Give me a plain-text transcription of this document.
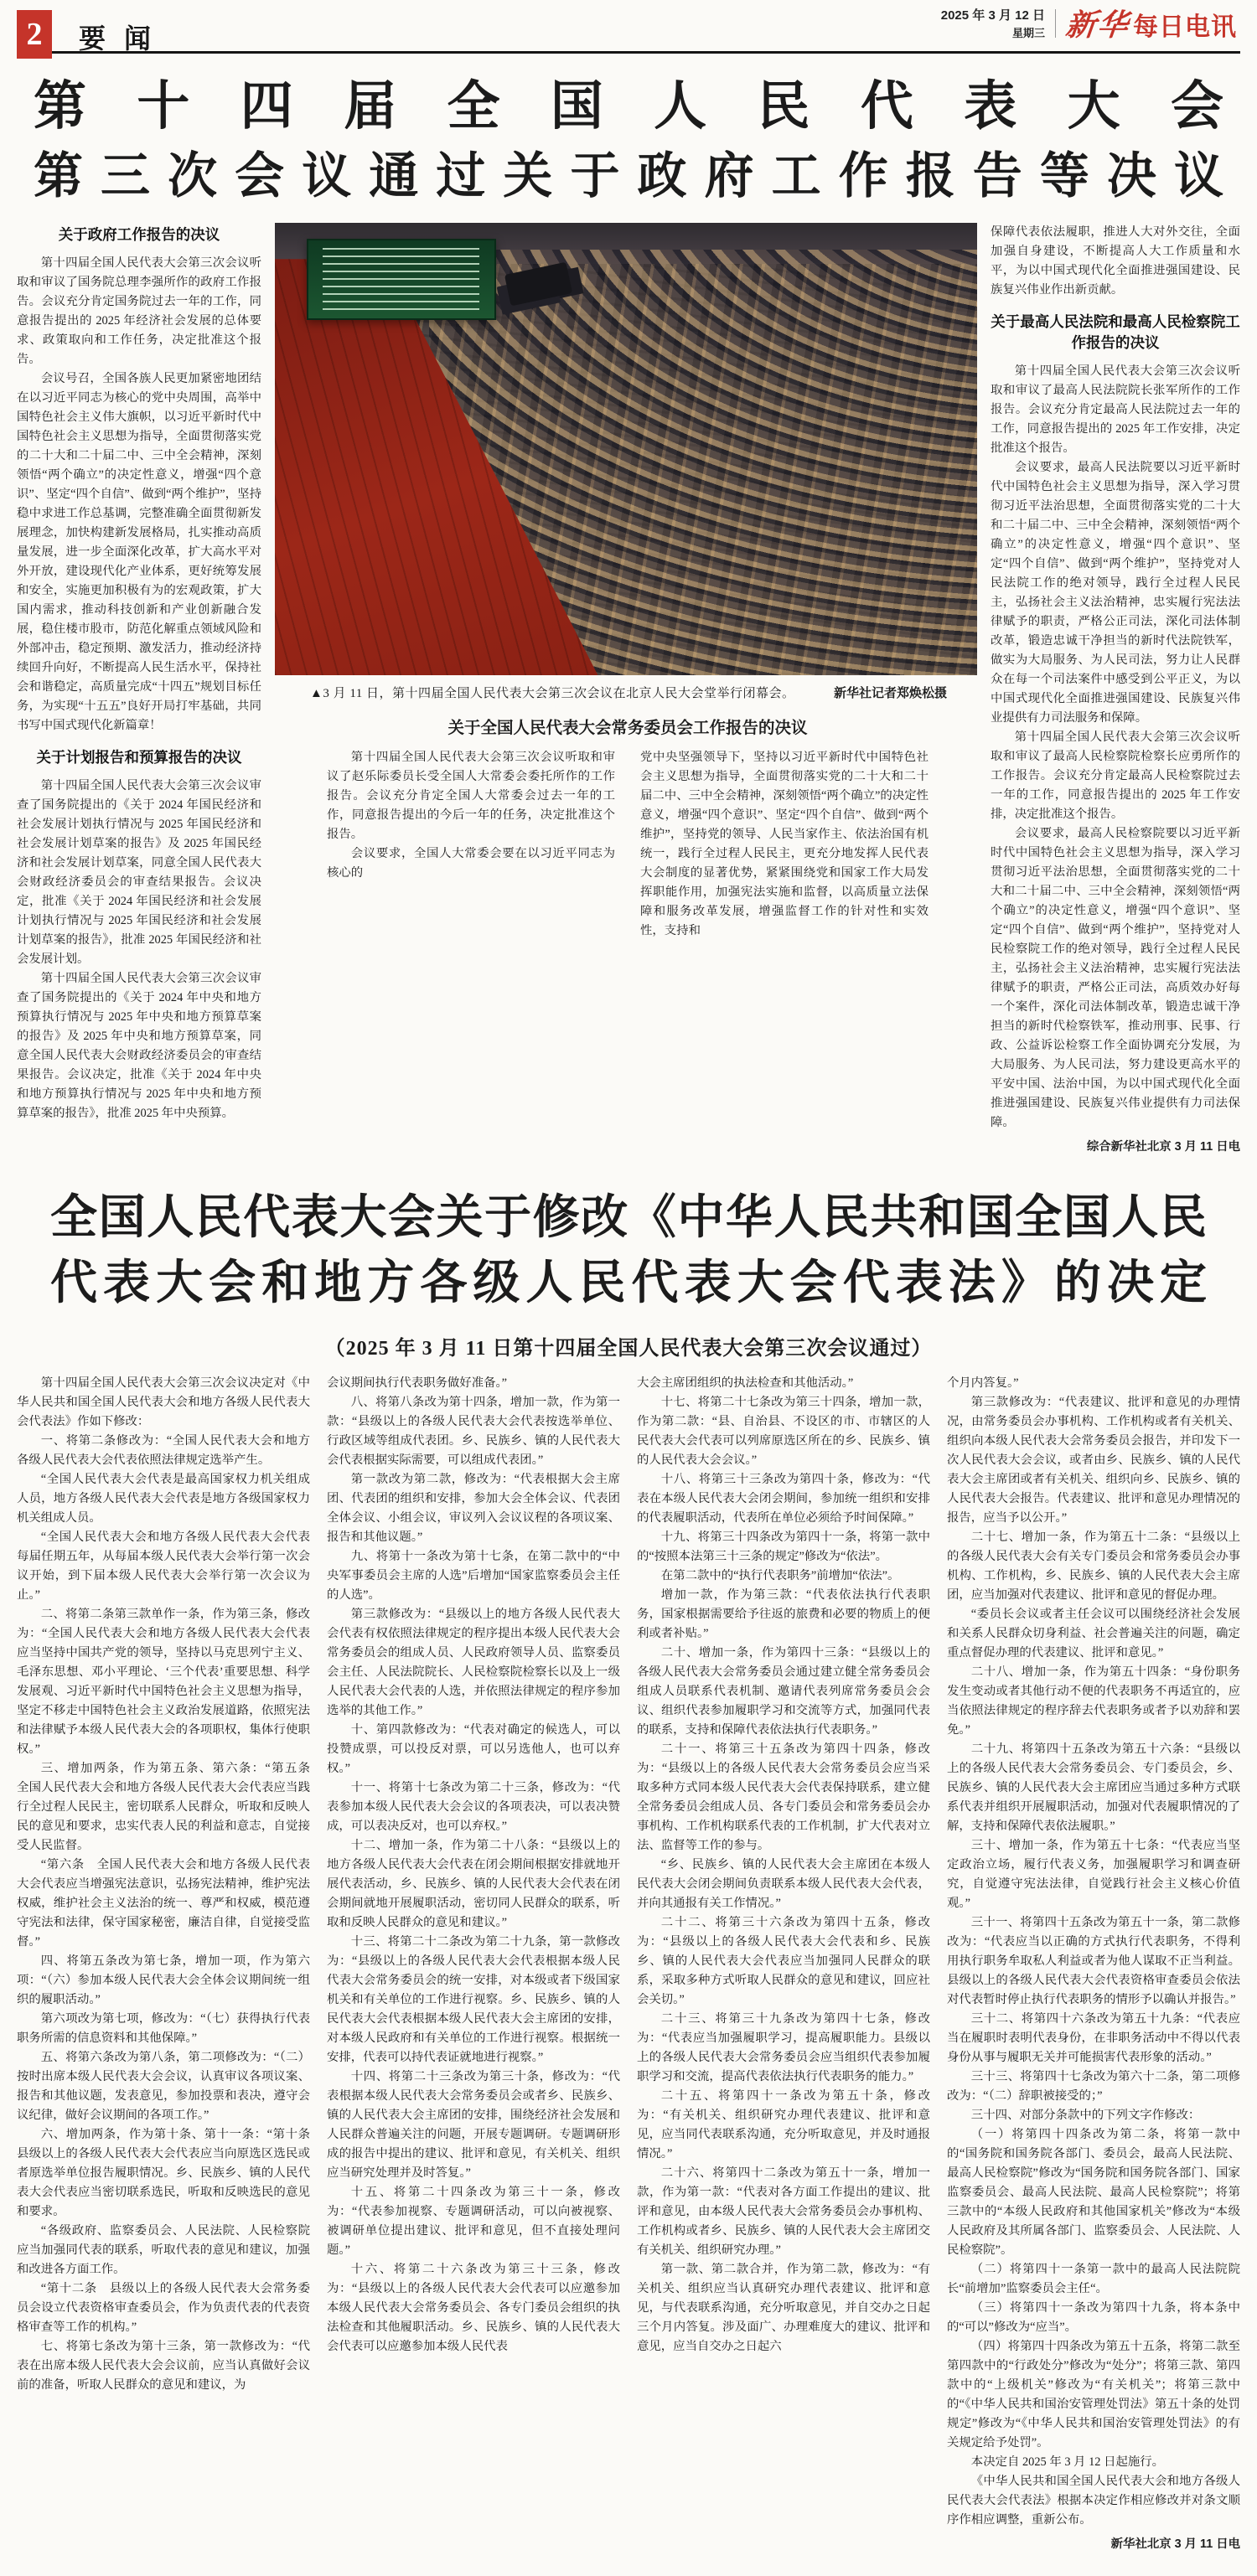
2	要闻
2025 年 3 月 12 日
星期三 新华 每日电讯
第十四届全国人民代表大会
第三次会议通过关于政府工作报告等决议
关于政府工作报告的决议

第十四届全国人民代表大会第三次会议听取和审议了国务院总理李强所作的政府工作报告。会议充分肯定国务院过去一年的工作，同意报告提出的 2025 年经济社会发展的总体要求、政策取向和工作任务，决定批准这个报告。

会议号召，全国各族人民更加紧密地团结在以习近平同志为核心的党中央周围，高举中国特色社会主义伟大旗帜，以习近平新时代中国特色社会主义思想为指导，全面贯彻落实党的二十大和二十届二中、三中全会精神，深刻领悟“两个确立”的决定性意义，增强“四个意识”、坚定“四个自信”、做到“两个维护”，坚持稳中求进工作总基调，完整准确全面贯彻新发展理念，加快构建新发展格局，扎实推动高质量发展，进一步全面深化改革，扩大高水平对外开放，建设现代化产业体系，更好统筹发展和安全，实施更加积极有为的宏观政策，扩大国内需求，推动科技创新和产业创新融合发展，稳住楼市股市，防范化解重点领域风险和外部冲击，稳定预期、激发活力，推动经济持续回升向好，不断提高人民生活水平，保持社会和谐稳定，高质量完成“十四五”规划目标任务，为实现“十五五”良好开局打牢基础，共同书写中国式现代化新篇章！

关于计划报告和预算报告的决议

第十四届全国人民代表大会第三次会议审查了国务院提出的《关于 2024 年国民经济和社会发展计划执行情况与 2025 年国民经济和社会发展计划草案的报告》及 2025 年国民经济和社会发展计划草案，同意全国人民代表大会财政经济委员会的审查结果报告。会议决定，批准《关于 2024 年国民经济和社会发展计划执行情况与 2025 年国民经济和社会发展计划草案的报告》，批准 2025 年国民经济和社会发展计划。

第十四届全国人民代表大会第三次会议审查了国务院提出的《关于 2024 年中央和地方预算执行情况与 2025 年中央和地方预算草案的报告》及 2025 年中央和地方预算草案，同意全国人民代表大会财政经济委员会的审查结果报告。会议决定，批准《关于 2024 年中央和地方预算执行情况与 2025 年中央和地方预算草案的报告》，批准 2025 年中央预算。

▲3 月 11 日，第十四届全国人民代表大会第三次会议在北京人民大会堂举行闭幕会。	新华社记者郑焕松摄
关于全国人民代表大会常务委员会工作报告的决议

第十四届全国人民代表大会第三次会议听取和审议了赵乐际委员长受全国人大常委会委托所作的工作报告。会议充分肯定全国人大常委会过去一年的工作，同意报告提出的今后一年的任务，决定批准这个报告。

会议要求，全国人大常委会要在以习近平同志为核心的

党中央坚强领导下，坚持以习近平新时代中国特色社会主义思想为指导，全面贯彻落实党的二十大和二十届二中、三中全会精神，深刻领悟“两个确立”的决定性意义，增强“四个意识”、坚定“四个自信”、做到“两个维护”，坚持党的领导、人民当家作主、依法治国有机统一，践行全过程人民民主，更充分地发挥人民代表大会制度的显著优势，紧紧围绕党和国家工作大局发挥职能作用，加强宪法实施和监督，以高质量立法保障和服务改革发展，增强监督工作的针对性和实效性，支持和

保障代表依法履职，推进人大对外交往，全面加强自身建设，不断提高人大工作质量和水平，为以中国式现代化全面推进强国建设、民族复兴伟业作出新贡献。

关于最高人民法院和最高人民检察院工作报告的决议

第十四届全国人民代表大会第三次会议听取和审议了最高人民法院院长张军所作的工作报告。会议充分肯定最高人民法院过去一年的工作，同意报告提出的 2025 年工作安排，决定批准这个报告。

会议要求，最高人民法院要以习近平新时代中国特色社会主义思想为指导，深入学习贯彻习近平法治思想，全面贯彻落实党的二十大和二十届二中、三中全会精神，深刻领悟“两个确立”的决定性意义，增强“四个意识”、坚定“四个自信”、做到“两个维护”，坚持党对人民法院工作的绝对领导，践行全过程人民民主，弘扬社会主义法治精神，忠实履行宪法法律赋予的职责，严格公正司法，深化司法体制改革，锻造忠诚干净担当的新时代法院铁军，做实为大局服务、为人民司法，努力让人民群众在每一个司法案件中感受到公平正义，为以中国式现代化全面推进强国建设、民族复兴伟业提供有力司法服务和保障。

第十四届全国人民代表大会第三次会议听取和审议了最高人民检察院检察长应勇所作的工作报告。会议充分肯定最高人民检察院过去一年的工作，同意报告提出的 2025 年工作安排，决定批准这个报告。

会议要求，最高人民检察院要以习近平新时代中国特色社会主义思想为指导，深入学习贯彻习近平法治思想，全面贯彻落实党的二十大和二十届二中、三中全会精神，深刻领悟“两个确立”的决定性意义，增强“四个意识”、坚定“四个自信”、做到“两个维护”，坚持党对人民检察院工作的绝对领导，践行全过程人民民主，弘扬社会主义法治精神，忠实履行宪法法律赋予的职责，严格公正司法，高质效办好每一个案件，深化司法体制改革，锻造忠诚干净担当的新时代检察铁军，推动刑事、民事、行政、公益诉讼检察工作全面协调充分发展，为大局服务、为人民司法，努力建设更高水平的平安中国、法治中国，为以中国式现代化全面推进强国建设、民族复兴伟业提供有力司法保障。

综合新华社北京 3 月 11 日电

全国人民代表大会关于修改《中华人民共和国全国人民
代表大会和地方各级人民代表大会代表法》的决定
（2025 年 3 月 11 日第十四届全国人民代表大会第三次会议通过）

第十四届全国人民代表大会第三次会议决定对《中华人民共和国全国人民代表大会和地方各级人民代表大会代表法》作如下修改：

一、将第二条修改为：“全国人民代表大会和地方各级人民代表大会代表依照法律规定选举产生。

“全国人民代表大会代表是最高国家权力机关组成人员，地方各级人民代表大会代表是地方各级国家权力机关组成人员。

“全国人民代表大会和地方各级人民代表大会代表每届任期五年，从每届本级人民代表大会举行第一次会议开始，到下届本级人民代表大会举行第一次会议为止。”

二、将第二条第三款单作一条，作为第三条，修改为：“全国人民代表大会和地方各级人民代表大会代表应当坚持中国共产党的领导，坚持以马克思列宁主义、毛泽东思想、邓小平理论、‘三个代表’重要思想、科学发展观、习近平新时代中国特色社会主义思想为指导，坚定不移走中国特色社会主义政治发展道路，依照宪法和法律赋予本级人民代表大会的各项职权，集体行使职权。”

三、增加两条，作为第五条、第六条：“第五条　全国人民代表大会和地方各级人民代表大会代表应当践行全过程人民民主，密切联系人民群众，听取和反映人民的意见和要求，忠实代表人民的利益和意志，自觉接受人民监督。

“第六条　全国人民代表大会和地方各级人民代表大会代表应当增强宪法意识，弘扬宪法精神，维护宪法权威，维护社会主义法治的统一、尊严和权威，模范遵守宪法和法律，保守国家秘密，廉洁自律，自觉接受监督。”

四、将第五条改为第七条，增加一项，作为第六项：“（六）参加本级人民代表大会全体会议期间统一组织的履职活动。”

第六项改为第七项，修改为：“（七）获得执行代表职务所需的信息资料和其他保障。”

五、将第六条改为第八条，第二项修改为：“（二）按时出席本级人民代表大会会议，认真审议各项议案、报告和其他议题，发表意见，参加投票和表决，遵守会议纪律，做好会议期间的各项工作。”

六、增加两条，作为第十条、第十一条：“第十条　县级以上的各级人民代表大会代表应当向原选区选民或者原选举单位报告履职情况。乡、民族乡、镇的人民代表大会代表应当密切联系选民，听取和反映选民的意见和要求。

“各级政府、监察委员会、人民法院、人民检察院应当加强同代表的联系，听取代表的意见和建议，加强和改进各方面工作。

“第十二条　县级以上的各级人民代表大会常务委员会设立代表资格审查委员会，作为负责代表的代表资格审查等工作的机构。”

七、将第七条改为第十三条，第一款修改为：“代表在出席本级人民代表大会会议前，应当认真做好会议前的准备，听取人民群众的意见和建议，为

会议期间执行代表职务做好准备。”

八、将第八条改为第十四条，增加一款，作为第一款：“县级以上的各级人民代表大会代表按选举单位、行政区域等组成代表团。乡、民族乡、镇的人民代表大会代表根据实际需要，可以组成代表团。”

第一款改为第二款，修改为：“代表根据大会主席团、代表团的组织和安排，参加大会全体会议、代表团全体会议、小组会议，审议列入会议议程的各项议案、报告和其他议题。”

九、将第十一条改为第十七条，在第二款中的“中央军事委员会主席的人选”后增加“国家监察委员会主任的人选”。

第三款修改为：“县级以上的地方各级人民代表大会代表有权依照法律规定的程序提出本级人民代表大会常务委员会的组成人员、人民政府领导人员、监察委员会主任、人民法院院长、人民检察院检察长以及上一级人民代表大会代表的人选，并依照法律规定的程序参加选举的其他工作。”

十、第四款修改为：“代表对确定的候选人，可以投赞成票，可以投反对票，可以另选他人，也可以弃权。”

十一、将第十七条改为第二十三条，修改为：“代表参加本级人民代表大会会议的各项表决，可以表决赞成，可以表决反对，也可以弃权。”

十二、增加一条，作为第二十八条：“县级以上的地方各级人民代表大会代表在闭会期间根据安排就地开展代表活动，乡、民族乡、镇的人民代表大会代表在闭会期间就地开展履职活动，密切同人民群众的联系，听取和反映人民群众的意见和建议。”

十三、将第二十二条改为第二十九条，第一款修改为：“县级以上的各级人民代表大会代表根据本级人民代表大会常务委员会的统一安排，对本级或者下级国家机关和有关单位的工作进行视察。乡、民族乡、镇的人民代表大会代表根据本级人民代表大会主席团的安排，对本级人民政府和有关单位的工作进行视察。根据统一安排，代表可以持代表证就地进行视察。”

十四、将第二十三条改为第三十条，修改为：“代表根据本级人民代表大会常务委员会或者乡、民族乡、镇的人民代表大会主席团的安排，围绕经济社会发展和人民群众普遍关注的问题，开展专题调研。专题调研形成的报告中提出的建议、批评和意见，有关机关、组织应当研究处理并及时答复。”

十五、将第二十四条改为第三十一条，修改为：“代表参加视察、专题调研活动，可以向被视察、被调研单位提出建议、批评和意见，但不直接处理问题。”

十六、将第二十六条改为第三十三条，修改为：“县级以上的各级人民代表大会代表可以应邀参加本级人民代表大会常务委员会、各专门委员会组织的执法检查和其他履职活动。乡、民族乡、镇的人民代表大会代表可以应邀参加本级人民代表

大会主席团组织的执法检查和其他活动。”

十七、将第二十七条改为第三十四条，增加一款，作为第二款：“县、自治县、不设区的市、市辖区的人民代表大会代表可以列席原选区所在的乡、民族乡、镇的人民代表大会会议。”

十八、将第三十三条改为第四十条，修改为：“代表在本级人民代表大会闭会期间，参加统一组织和安排的代表履职活动，代表所在单位必须给予时间保障。”

十九、将第三十四条改为第四十一条，将第一款中的“按照本法第三十三条的规定”修改为“依法”。

在第二款中的“执行代表职务”前增加“依法”。

增加一款，作为第三款：“代表依法执行代表职务，国家根据需要给予往返的旅费和必要的物质上的便利或者补贴。”

二十、增加一条，作为第四十三条：“县级以上的各级人民代表大会常务委员会通过建立健全常务委员会组成人员联系代表机制、邀请代表列席常务委员会会议、组织代表参加履职学习和交流等方式，加强同代表的联系，支持和保障代表依法执行代表职务。”

二十一、将第三十五条改为第四十四条，修改为：“县级以上的各级人民代表大会常务委员会应当采取多种方式同本级人民代表大会代表保持联系，建立健全常务委员会组成人员、各专门委员会和常务委员会办事机构、工作机构联系代表的工作机制，扩大代表对立法、监督等工作的参与。

“乡、民族乡、镇的人民代表大会主席团在本级人民代表大会闭会期间负责联系本级人民代表大会代表，并向其通报有关工作情况。”

二十二、将第三十六条改为第四十五条，修改为：“县级以上的各级人民代表大会代表和乡、民族乡、镇的人民代表大会代表应当加强同人民群众的联系，采取多种方式听取人民群众的意见和建议，回应社会关切。”

二十三、将第三十九条改为第四十七条，修改为：“代表应当加强履职学习，提高履职能力。县级以上的各级人民代表大会常务委员会应当组织代表参加履职学习和交流，提高代表依法执行代表职务的能力。”

二十五、将第四十一条改为第五十条，修改为：“有关机关、组织研究办理代表建议、批评和意见，应当同代表联系沟通，充分听取意见，并及时通报情况。”

二十六、将第四十二条改为第五十一条，增加一款，作为第一款：“代表对各方面工作提出的建议、批评和意见，由本级人民代表大会常务委员会办事机构、工作机构或者乡、民族乡、镇的人民代表大会主席团交有关机关、组织研究办理。”

第一款、第二款合并，作为第二款，修改为：“有关机关、组织应当认真研究办理代表建议、批评和意见，与代表联系沟通，充分听取意见，并自交办之日起三个月内答复。涉及面广、办理难度大的建议、批评和意见，应当自交办之日起六

个月内答复。”

第三款修改为：“代表建议、批评和意见的办理情况，由常务委员会办事机构、工作机构或者有关机关、组织向本级人民代表大会常务委员会报告，并印发下一次人民代表大会会议，或者由乡、民族乡、镇的人民代表大会主席团或者有关机关、组织向乡、民族乡、镇的人民代表大会报告。代表建议、批评和意见办理情况的报告，应当予以公开。”

二十七、增加一条，作为第五十二条：“县级以上的各级人民代表大会有关专门委员会和常务委员会办事机构、工作机构，乡、民族乡、镇的人民代表大会主席团，应当加强对代表建议、批评和意见的督促办理。

“委员长会议或者主任会议可以围绕经济社会发展和关系人民群众切身利益、社会普遍关注的问题，确定重点督促办理的代表建议、批评和意见。”

二十八、增加一条，作为第五十四条：“身份职务发生变动或者其他行动不便的代表职务不再适宜的，应当依照法律规定的程序辞去代表职务或者予以劝辞和罢免。”

二十九、将第四十五条改为第五十六条：“县级以上的各级人民代表大会常务委员会、专门委员会，乡、民族乡、镇的人民代表大会主席团应当通过多种方式联系代表并组织开展履职活动，加强对代表履职情况的了解，支持和保障代表依法履职。”

三十、增加一条，作为第五十七条：“代表应当坚定政治立场，履行代表义务，加强履职学习和调查研究，自觉遵守宪法法律，自觉践行社会主义核心价值观。”

三十一、将第四十五条改为第五十一条，第二款修改为：“代表应当以正确的方式执行代表职务，不得利用执行职务牟取私人利益或者为他人谋取不正当利益。县级以上的各级人民代表大会代表资格审查委员会依法对代表暂时停止执行代表职务的情形予以确认并报告。”

三十二、将第四十六条改为第五十九条：“代表应当在履职时表明代表身份，在非职务活动中不得以代表身份从事与履职无关并可能损害代表形象的活动。”

三十三、将第四十七条改为第六十二条，第二项修改为：“（二）辞职被接受的；”

三十四、对部分条款中的下列文字作修改：

（一）将第四十四条改为第二条，将第一款中的“国务院和国务院各部门、委员会，最高人民法院、最高人民检察院”修改为“国务院和国务院各部门、国家监察委员会、最高人民法院、最高人民检察院”；将第三款中的“本级人民政府和其他国家机关”修改为“本级人民政府及其所属各部门、监察委员会、人民法院、人民检察院”。

（二）将第四十一条第一款中的最高人民法院院长“前增加”监察委员会主任“。

（三）将第四十一条改为第四十九条，将本条中的“可以”修改为“应当”。

（四）将第四十四条改为第五十五条，将第二款至第四款中的“行政处分”修改为“处分”；将第三款、第四款中的“上级机关”修改为“有关机关”；将第三款中的“《中华人民共和国治安管理处罚法》第五十条的处罚规定”修改为“《中华人民共和国治安管理处罚法》的有关规定给予处罚”。

本决定自 2025 年 3 月 12 日起施行。

《中华人民共和国全国人民代表大会和地方各级人民代表大会代表法》根据本决定作相应修改并对条文顺序作相应调整，重新公布。

新华社北京 3 月 11 日电
